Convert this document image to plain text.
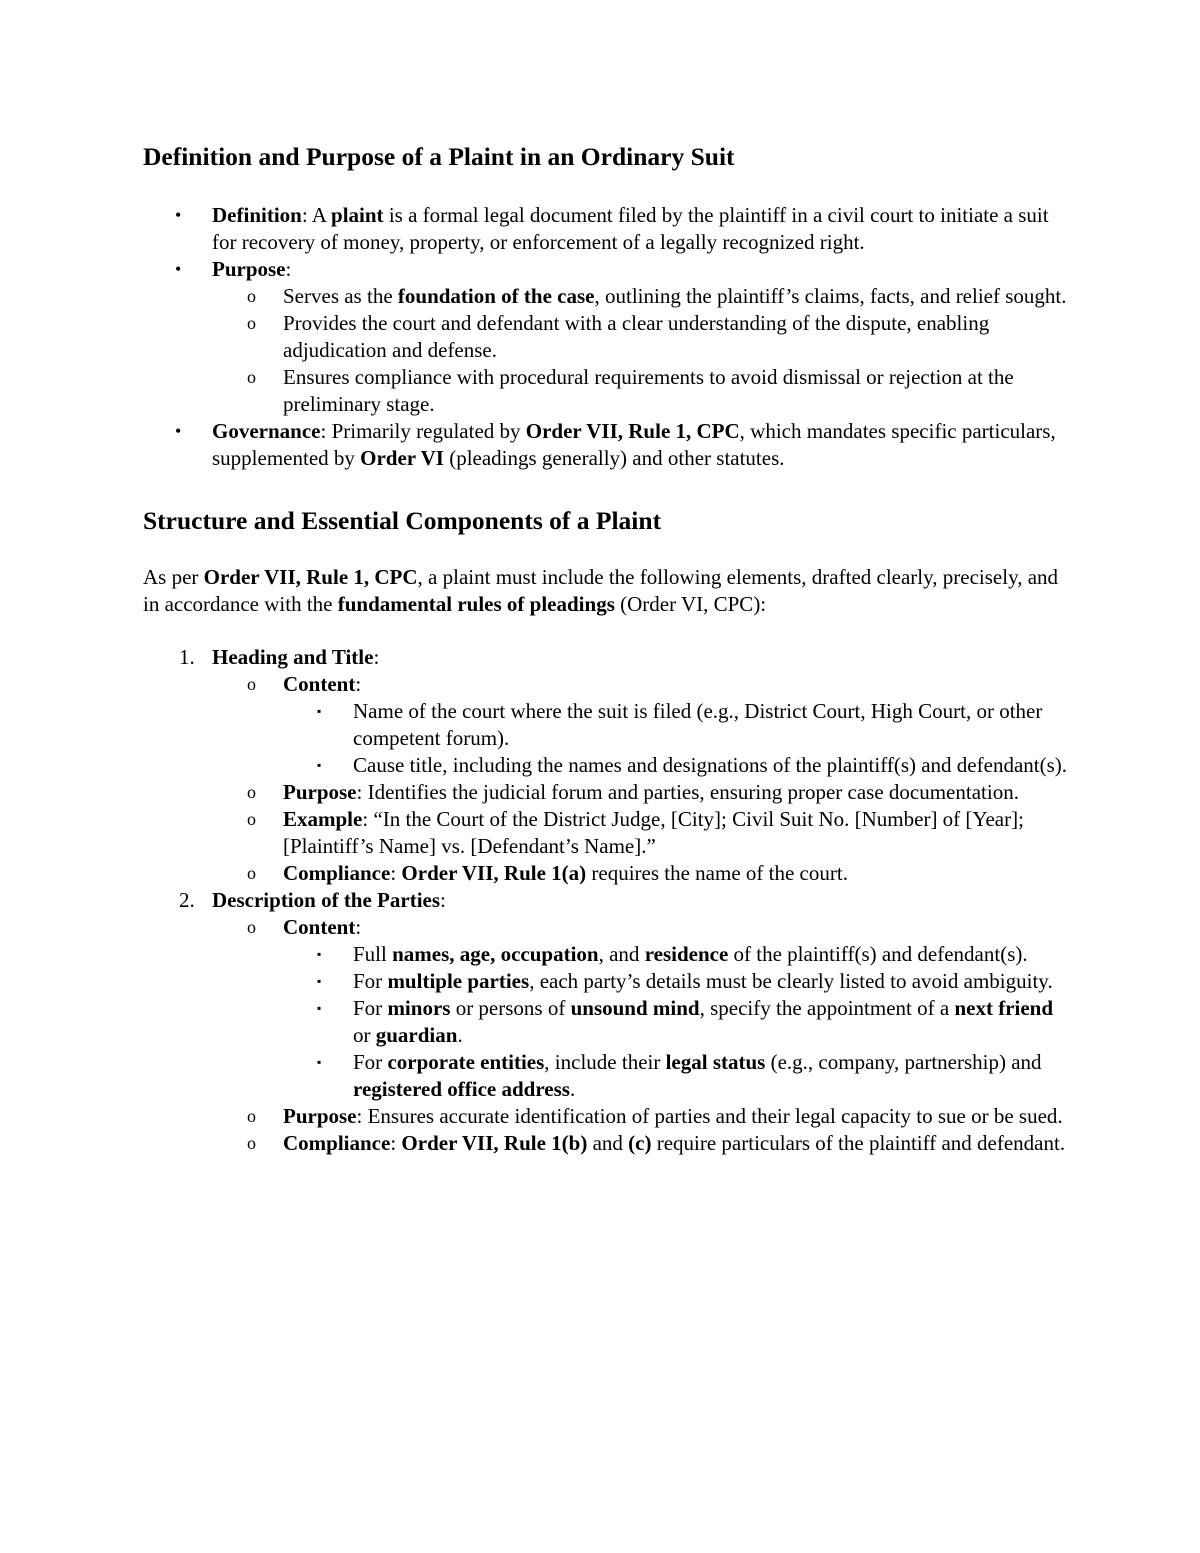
Definition and Purpose of a Plaint in an Ordinary Suit
• Definition: A plaint is a formal legal document filed by the plaintiff in a civil court to initiate a suit for recovery of money, property, or enforcement of a legally recognized right.
• Purpose:
o Serves as the foundation of the case, outlining the plaintiff’s claims, facts, and relief sought.
o Provides the court and defendant with a clear understanding of the dispute, enabling adjudication and defense.
o Ensures compliance with procedural requirements to avoid dismissal or rejection at the preliminary stage.
• Governance: Primarily regulated by Order VII, Rule 1, CPC, which mandates specific particulars, supplemented by Order VI (pleadings generally) and other statutes.
Structure and Essential Components of a Plaint

As per Order VII, Rule 1, CPC, a plaint must include the following elements, drafted clearly, precisely, and in accordance with the fundamental rules of pleadings (Order VI, CPC):

1. Heading and Title:
o Content:
▪ Name of the court where the suit is filed (e.g., District Court, High Court, or other competent forum).
▪ Cause title, including the names and designations of the plaintiff(s) and defendant(s).
o Purpose: Identifies the judicial forum and parties, ensuring proper case documentation.
o Example: “In the Court of the District Judge, [City]; Civil Suit No. [Number] of [Year]; [Plaintiff’s Name] vs. [Defendant’s Name].”
o Compliance: Order VII, Rule 1(a) requires the name of the court.
2. Description of the Parties:
o Content:
▪ Full names, age, occupation, and residence of the plaintiff(s) and defendant(s).
▪ For multiple parties, each party’s details must be clearly listed to avoid ambiguity.
▪ For minors or persons of unsound mind, specify the appointment of a next friend or guardian.
▪ For corporate entities, include their legal status (e.g., company, partnership) and registered office address.
o Purpose: Ensures accurate identification of parties and their legal capacity to sue or be sued.
o Compliance: Order VII, Rule 1(b) and (c) require particulars of the plaintiff and defendant.
